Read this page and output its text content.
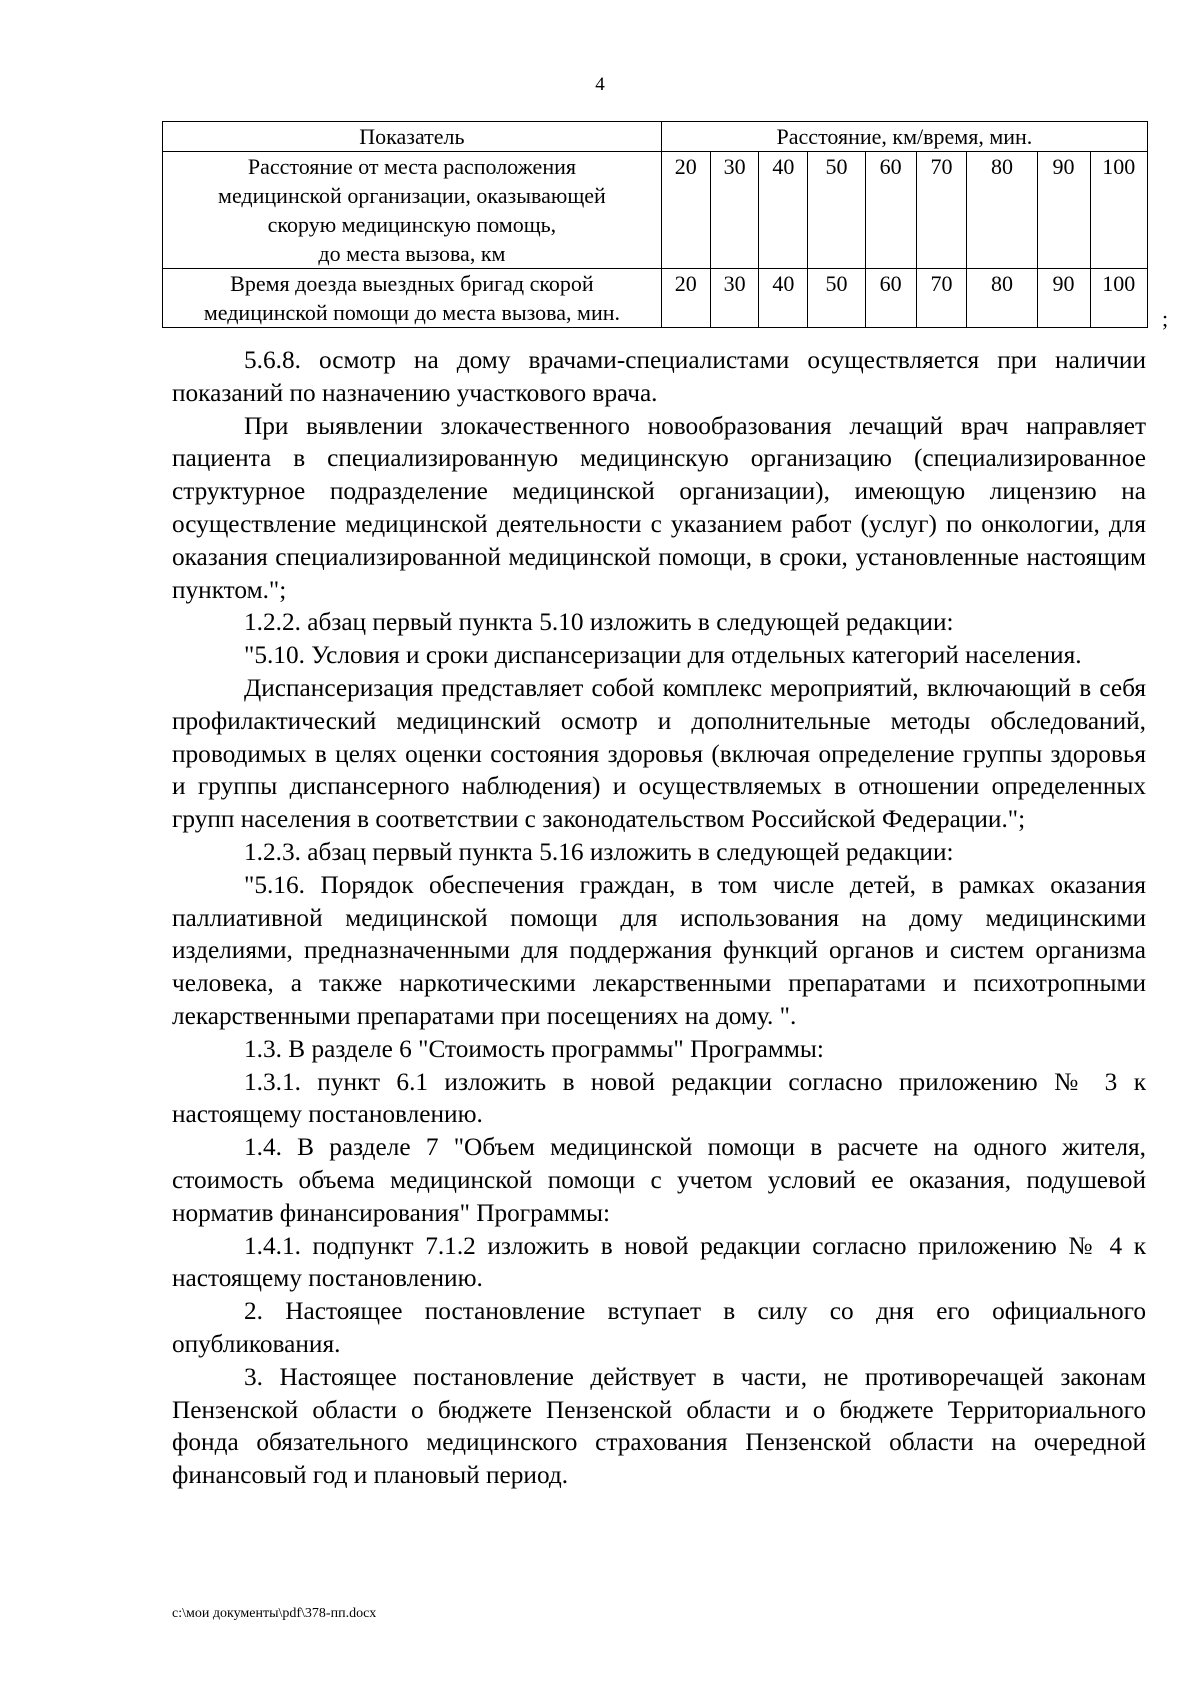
4
Показатель	Расстояние, км/время, мин.								

Расстояние от места расположения
медицинской организации, оказывающей
скорую медицинскую помощь,
до места вызова, км	20	30	40	50	60	70	80	90	100

Время доезда выездных бригад скорой
медицинской помощи до места вызова, мин.	20	30	40	50	60	70	80	90	100
;

5.6.8. осмотр на дому врачами-специалистами осуществляется при наличии показаний по назначению участкового врача.

При выявлении злокачественного новообразования лечащий врач направляет пациента в специализированную медицинскую организацию (специализированное структурное подразделение медицинской организации), имеющую лицензию на осуществление медицинской деятельности с указанием работ (услуг) по онкологии, для оказания специализированной медицинской помощи, в сроки, установленные настоящим пунктом.";

1.2.2. абзац первый пункта 5.10 изложить в следующей редакции:

"5.10. Условия и сроки диспансеризации для отдельных категорий населения.

Диспансеризация представляет собой комплекс мероприятий, включающий в себя профилактический медицинский осмотр и дополнительные методы обследований, проводимых в целях оценки состояния здоровья (включая определение группы здоровья и группы диспансерного наблюдения) и осуществляемых в отношении определенных групп населения в соответствии с законодательством Российской Федерации.";

1.2.3. абзац первый пункта 5.16 изложить в следующей редакции:

"5.16. Порядок обеспечения граждан, в том числе детей, в рамках оказания паллиативной медицинской помощи для использования на дому медицинскими изделиями, предназначенными для поддержания функций органов и систем организма человека, а также наркотическими лекарственными препаратами и психотропными лекарственными препаратами при посещениях на дому. ".

1.3. В разделе 6 "Стоимость программы" Программы:

1.3.1. пункт 6.1 изложить в новой редакции согласно приложению № 3 к настоящему постановлению.

1.4. В разделе 7 "Объем медицинской помощи в расчете на одного жителя, стоимость объема медицинской помощи с учетом условий ее оказания, подушевой норматив финансирования" Программы:

1.4.1. подпункт 7.1.2 изложить в новой редакции согласно приложению № 4 к настоящему постановлению.

2. Настоящее постановление вступает в силу со дня его официального опубликования.

3. Настоящее постановление действует в части, не противоречащей законам Пензенской области о бюджете Пензенской области и о бюджете Территориального фонда обязательного медицинского страхования Пензенской области на очередной финансовый год и плановый период.

c:\мои документы\pdf\378-пп.docx
